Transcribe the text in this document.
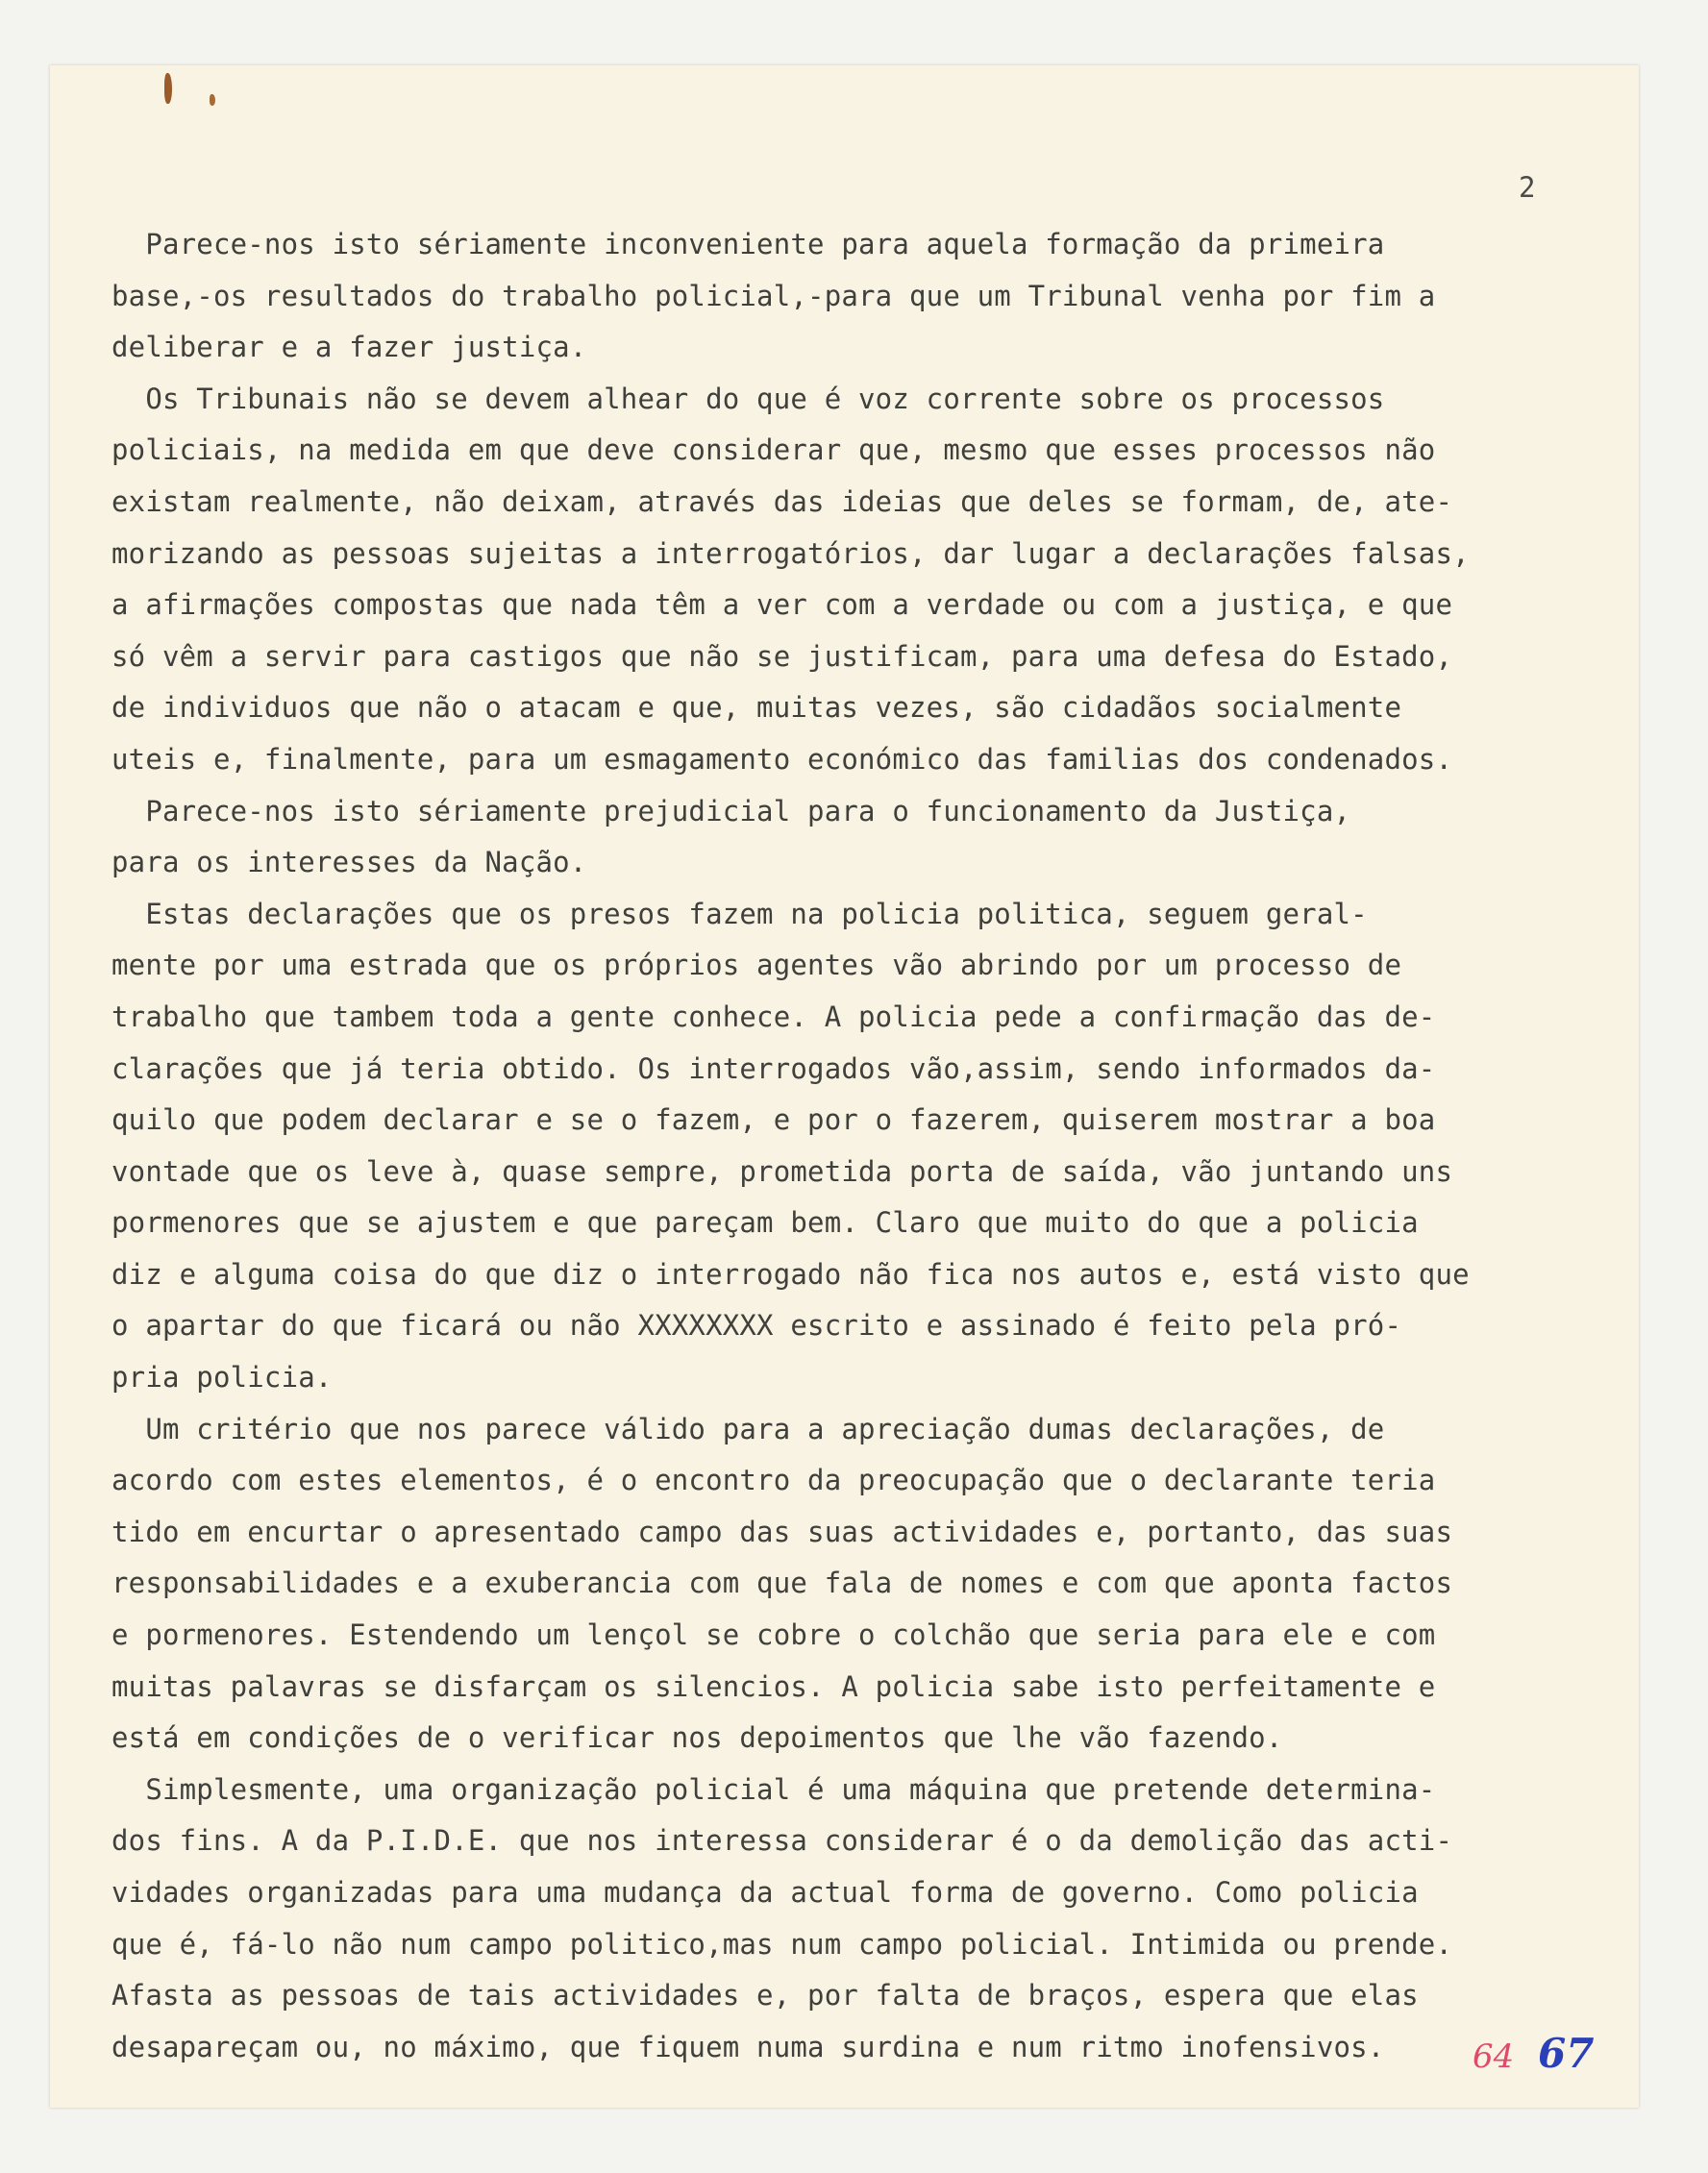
2
Parece-nos isto sériamente inconveniente para aquela formação da primeira
base,-os resultados do trabalho policial,-para que um Tribunal venha por fim a
deliberar e a fazer justiça.
Os Tribunais não se devem alhear do que é voz corrente sobre os processos
policiais, na medida em que deve considerar que, mesmo que esses processos não
existam realmente, não deixam, através das ideias que deles se formam, de, ate-
morizando as pessoas sujeitas a interrogatórios, dar lugar a declarações falsas,
a afirmações compostas que nada têm a ver com a verdade ou com a justiça, e que
só vêm a servir para castigos que não se justificam, para uma defesa do Estado,
de individuos que não o atacam e que, muitas vezes, são cidadãos socialmente
uteis e, finalmente, para um esmagamento económico das familias dos condenados.
Parece-nos isto sériamente prejudicial para o funcionamento da Justiça,
para os interesses da Nação.
Estas declarações que os presos fazem na policia politica, seguem geral-
mente por uma estrada que os próprios agentes vão abrindo por um processo de
trabalho que tambem toda a gente conhece. A policia pede a confirmação das de-
clarações que já teria obtido. Os interrogados vão,assim, sendo informados da-
quilo que podem declarar e se o fazem, e por o fazerem, quiserem mostrar a boa
vontade que os leve à, quase sempre, prometida porta de saída, vão juntando uns
pormenores que se ajustem e que pareçam bem. Claro que muito do que a policia
diz e alguma coisa do que diz o interrogado não fica nos autos e, está visto que
o apartar do que ficará ou não XXXXXXXX escrito e assinado é feito pela pró-
pria policia.
Um critério que nos parece válido para a apreciação dumas declarações, de
acordo com estes elementos, é o encontro da preocupação que o declarante teria
tido em encurtar o apresentado campo das suas actividades e, portanto, das suas
responsabilidades e a exuberancia com que fala de nomes e com que aponta factos
e pormenores. Estendendo um lençol se cobre o colchão que seria para ele e com
muitas palavras se disfarçam os silencios. A policia sabe isto perfeitamente e
está em condições de o verificar nos depoimentos que lhe vão fazendo.
Simplesmente, uma organização policial é uma máquina que pretende determina-
dos fins. A da P.I.D.E. que nos interessa considerar é o da demolição das acti-
vidades organizadas para uma mudança da actual forma de governo. Como policia
que é, fá-lo não num campo politico,mas num campo policial. Intimida ou prende.
Afasta as pessoas de tais actividades e, por falta de braços, espera que elas
desapareçam ou, no máximo, que fiquem numa surdina e num ritmo inofensivos.	64 67
